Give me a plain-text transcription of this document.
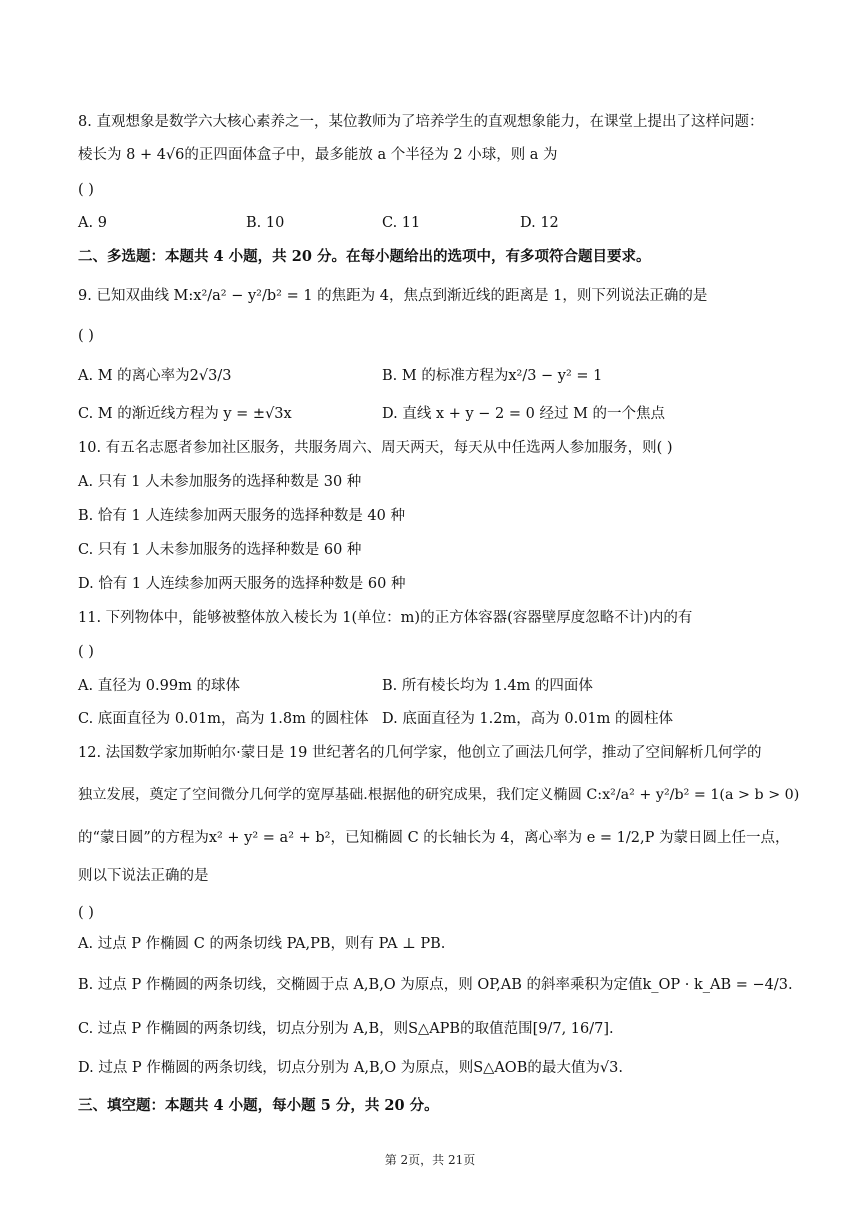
8. 直观想象是数学六大核心素养之一，某位教师为了培养学生的直观想象能力，在课堂上提出了这样问题：
棱长为 8 + 4√6的正四面体盒子中，最多能放 a 个半径为 2 小球，则 a 为
( )
A. 9	B. 10	C. 11	D. 12
二、多选题：本题共 4 小题，共 20 分。在每小题给出的选项中，有多项符合题目要求。
9. 已知双曲线 M:x²/a² − y²/b² = 1 的焦距为 4，焦点到渐近线的距离是 1，则下列说法正确的是
( )
A. M 的离心率为2√3/3	B. M 的标准方程为x²/3 − y² = 1
C. M 的渐近线方程为 y = ±√3x	D. 直线 x + y − 2 = 0 经过 M 的一个焦点
10. 有五名志愿者参加社区服务，共服务周六、周天两天，每天从中任选两人参加服务，则( )
A. 只有 1 人未参加服务的选择种数是 30 种
B. 恰有 1 人连续参加两天服务的选择种数是 40 种
C. 只有 1 人未参加服务的选择种数是 60 种
D. 恰有 1 人连续参加两天服务的选择种数是 60 种
11. 下列物体中，能够被整体放入棱长为 1(单位：m)的正方体容器(容器壁厚度忽略不计)内的有
( )
A. 直径为 0.99m 的球体	B. 所有棱长均为 1.4m 的四面体
C. 底面直径为 0.01m，高为 1.8m 的圆柱体 D. 底面直径为 1.2m，高为 0.01m 的圆柱体
12. 法国数学家加斯帕尔·蒙日是 19 世纪著名的几何学家，他创立了画法几何学，推动了空间解析几何学的
独立发展，奠定了空间微分几何学的宽厚基础.根据他的研究成果，我们定义椭圆 C:x²/a² + y²/b² = 1(a > b > 0)
的“蒙日圆”的方程为x² + y² = a² + b²，已知椭圆 C 的长轴长为 4，离心率为 e = 1/2,P 为蒙日圆上任一点，
则以下说法正确的是
( )
A. 过点 P 作椭圆 C 的两条切线 PA,PB，则有 PA ⊥ PB.
B. 过点 P 作椭圆的两条切线，交椭圆于点 A,B,O 为原点，则 OP,AB 的斜率乘积为定值k_OP · k_AB = −4/3.
C. 过点 P 作椭圆的两条切线，切点分别为 A,B，则S△APB的取值范围[9/7, 16/7].
D. 过点 P 作椭圆的两条切线，切点分别为 A,B,O 为原点，则S△AOB的最大值为√3.
三、填空题：本题共 4 小题，每小题 5 分，共 20 分。
第 2页，共 21页
